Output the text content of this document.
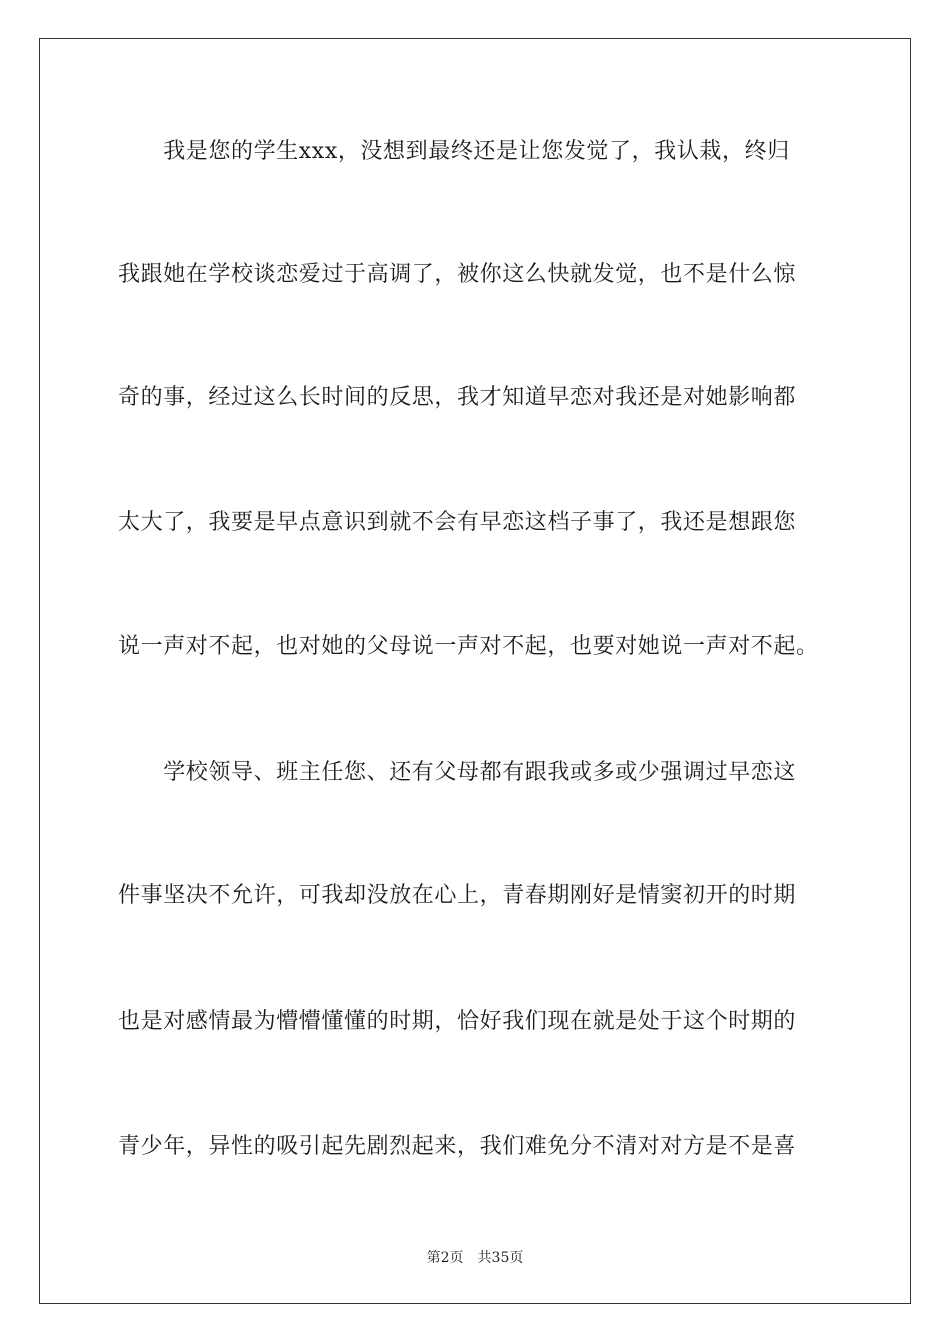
　　我是您的学生xxx，没想到最终还是让您发觉了，我认栽，终归
我跟她在学校谈恋爱过于高调了，被你这么快就发觉，也不是什么惊
奇的事，经过这么长时间的反思，我才知道早恋对我还是对她影响都
太大了，我要是早点意识到就不会有早恋这档子事了，我还是想跟您
说一声对不起，也对她的父母说一声对不起，也要对她说一声对不起。
　　学校领导、班主任您、还有父母都有跟我或多或少强调过早恋这
件事坚决不允许，可我却没放在心上，青春期刚好是情窦初开的时期
也是对感情最为懵懵懂懂的时期，恰好我们现在就是处于这个时期的
青少年，异性的吸引起先剧烈起来，我们难免分不清对对方是不是喜
第2页 共35页
